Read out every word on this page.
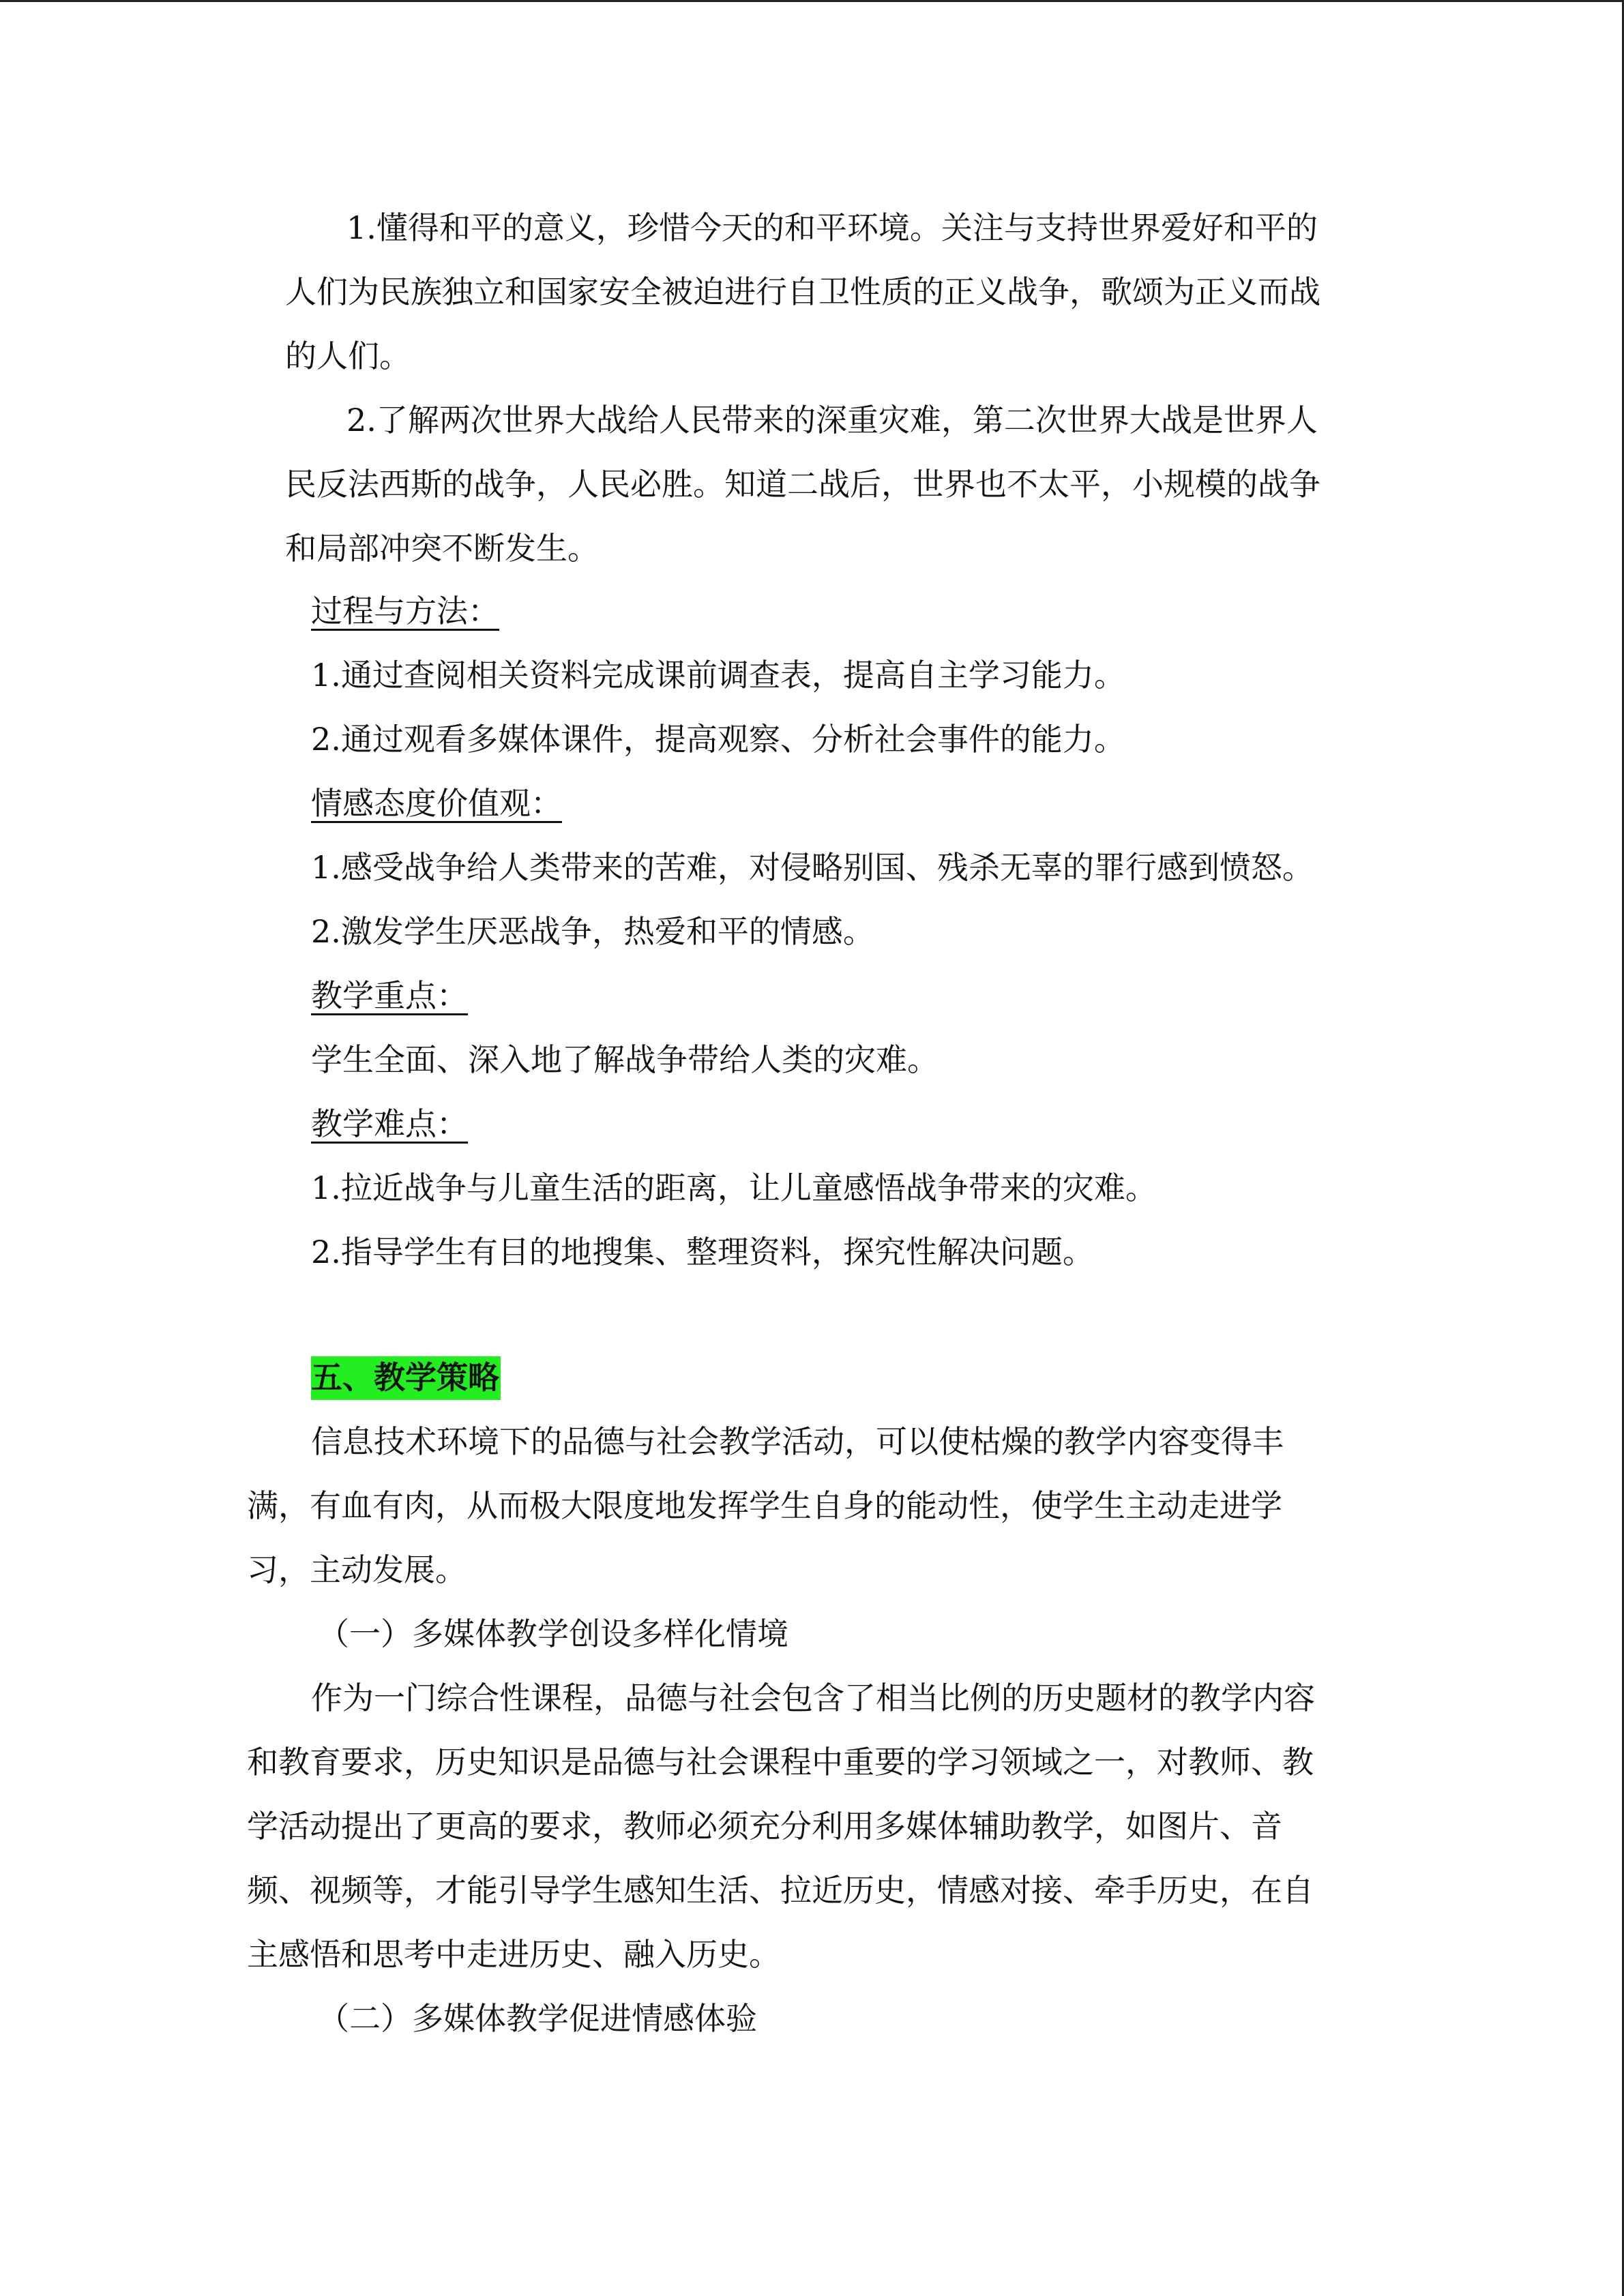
1.懂得和平的意义，珍惜今天的和平环境。关注与支持世界爱好和平的

人们为民族独立和国家安全被迫进行自卫性质的正义战争，歌颂为正义而战

的人们。

2.了解两次世界大战给人民带来的深重灾难，第二次世界大战是世界人

民反法西斯的战争，人民必胜。知道二战后，世界也不太平，小规模的战争

和局部冲突不断发生。

过程与方法：

1.通过查阅相关资料完成课前调查表，提高自主学习能力。

2.通过观看多媒体课件，提高观察、分析社会事件的能力。

情感态度价值观：

1.感受战争给人类带来的苦难，对侵略别国、残杀无辜的罪行感到愤怒。

2.激发学生厌恶战争，热爱和平的情感。

教学重点：

学生全面、深入地了解战争带给人类的灾难。

教学难点：

1.拉近战争与儿童生活的距离，让儿童感悟战争带来的灾难。

2.指导学生有目的地搜集、整理资料，探究性解决问题。

五、教学策略

信息技术环境下的品德与社会教学活动，可以使枯燥的教学内容变得丰

满，有血有肉，从而极大限度地发挥学生自身的能动性，使学生主动走进学

习，主动发展。

（一）多媒体教学创设多样化情境

作为一门综合性课程，品德与社会包含了相当比例的历史题材的教学内容

和教育要求，历史知识是品德与社会课程中重要的学习领域之一，对教师、教

学活动提出了更高的要求，教师必须充分利用多媒体辅助教学，如图片、音

频、视频等，才能引导学生感知生活、拉近历史，情感对接、牵手历史，在自

主感悟和思考中走进历史、融入历史。

（二）多媒体教学促进情感体验
